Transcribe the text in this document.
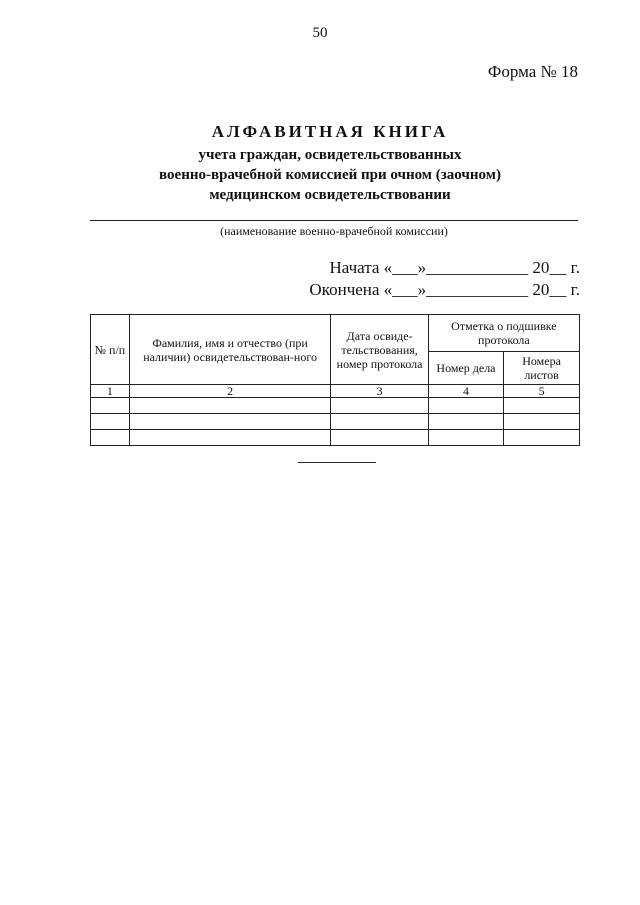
50
Форма № 18
АЛФАВИТНАЯ КНИГА
учета граждан, освидетельствованных
военно-врачебной комиссией при очном (заочном)
медицинском освидетельствовании
(наименование военно-врачебной комиссии)
Начата «___»____________ 20__ г.
Окончена «___»____________ 20__ г.
№ п/п	Фамилия, имя и отчество (при наличии) освидетельствован-ного	Дата освиде-тельствования, номер протокола	Отметка о подшивке протокола	
			Номер дела	Номера листов
1	2	3	4	5
